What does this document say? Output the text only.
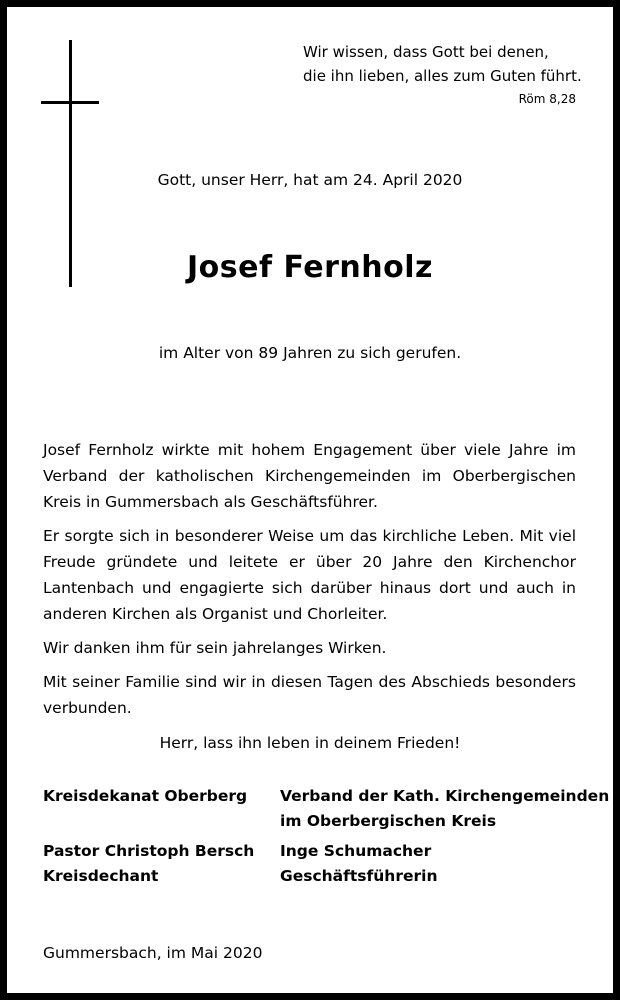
Wir wissen, dass Gott bei denen,
die ihn lieben, alles zum Guten führt.
Röm 8,28
Gott, unser Herr, hat am 24. April 2020
Josef Fernholz
im Alter von 89 Jahren zu sich gerufen.

Josef Fernholz wirkte mit hohem Engagement über viele Jahre im Verband der katholischen Kirchengemeinden im Oberbergischen Kreis in Gummersbach als Geschäftsführer.

Er sorgte sich in besonderer Weise um das kirchliche Leben. Mit viel Freude gründete und leitete er über 20 Jahre den Kirchenchor Lantenbach und engagierte sich darüber hinaus dort und auch in anderen Kirchen als Organist und Chorleiter.

Wir danken ihm für sein jahrelanges Wirken.

Mit seiner Familie sind wir in diesen Tagen des Abschieds besonders verbunden.

Herr, lass ihn leben in deinem Frieden!
Kreisdekanat Oberberg Verband der Kath. Kirchengemeinden
im Oberbergischen Kreis
Pastor Christoph Bersch
Kreisdechant
Inge Schumacher
Geschäftsführerin
Gummersbach, im Mai 2020
